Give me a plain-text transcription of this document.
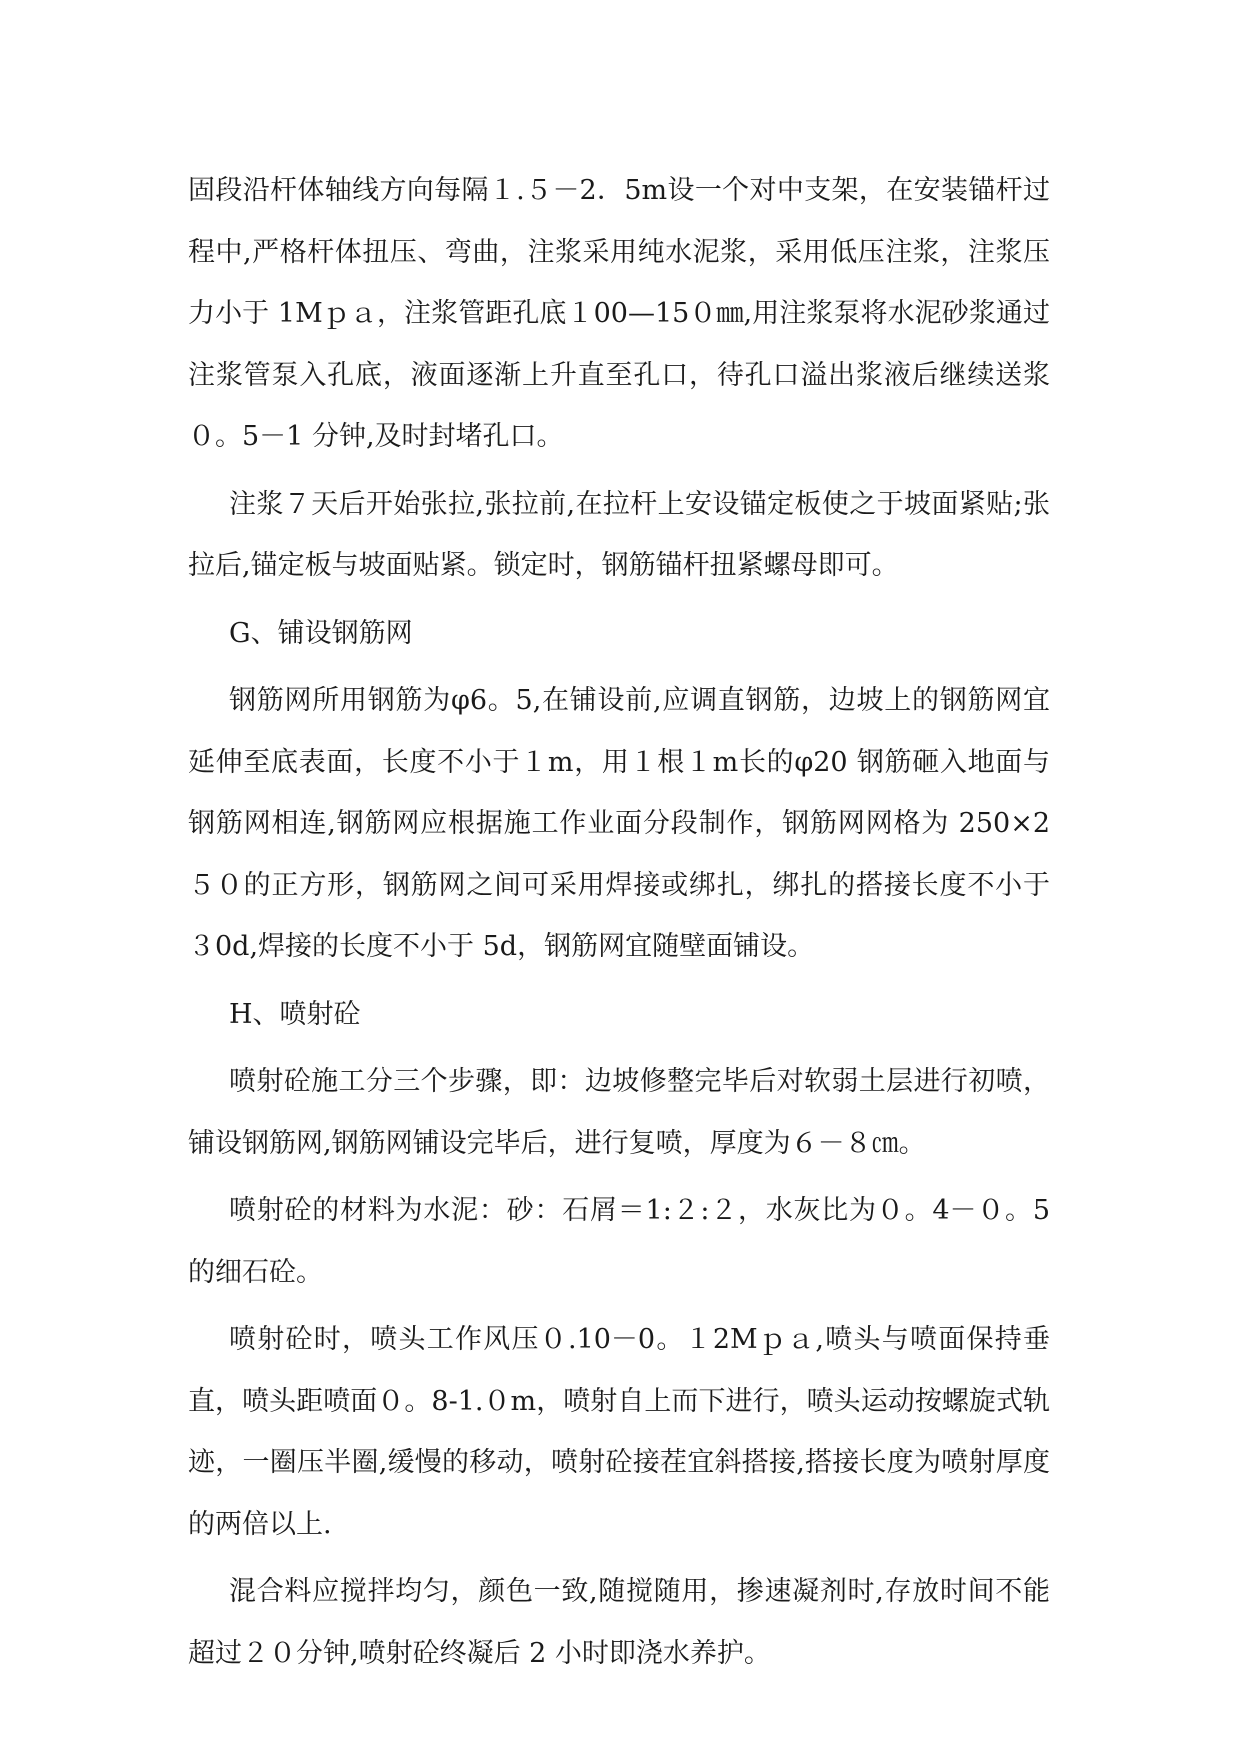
固段沿杆体轴线方向每隔１.５－2．5m设一个对中支架，在安装锚杆过程中,严格杆体扭压、弯曲，注浆采用纯水泥浆，采用低压注浆，注浆压力小于 1Mｐａ，注浆管距孔底１00—15０㎜,用注浆泵将水泥砂浆通过注浆管泵入孔底，液面逐渐上升直至孔口，待孔口溢出浆液后继续送浆０。5－1 分钟,及时封堵孔口。

注浆７天后开始张拉,张拉前,在拉杆上安设锚定板使之于坡面紧贴;张拉后,锚定板与坡面贴紧。锁定时，钢筋锚杆扭紧螺母即可。

G、铺设钢筋网

钢筋网所用钢筋为φ6。5,在铺设前,应调直钢筋，边坡上的钢筋网宜延伸至底表面，长度不小于１m，用１根１m长的φ20 钢筋砸入地面与钢筋网相连,钢筋网应根据施工作业面分段制作，钢筋网网格为 250×2５０的正方形，钢筋网之间可采用焊接或绑扎，绑扎的搭接长度不小于３0d,焊接的长度不小于 5d，钢筋网宜随壁面铺设。

H、喷射砼

喷射砼施工分三个步骤，即：边坡修整完毕后对软弱土层进行初喷，铺设钢筋网,钢筋网铺设完毕后，进行复喷，厚度为６－８㎝。

喷射砼的材料为水泥：砂：石屑＝1:２:２，水灰比为０。4－０。5 的细石砼。

喷射砼时，喷头工作风压０.10－0。１2Mｐａ,喷头与喷面保持垂直，喷头距喷面０。8-1.０m，喷射自上而下进行，喷头运动按螺旋式轨迹，一圈压半圈,缓慢的移动，喷射砼接茬宜斜搭接,搭接长度为喷射厚度的两倍以上.

混合料应搅拌均匀，颜色一致,随搅随用，掺速凝剂时,存放时间不能超过２０分钟,喷射砼终凝后 2 小时即浇水养护。
